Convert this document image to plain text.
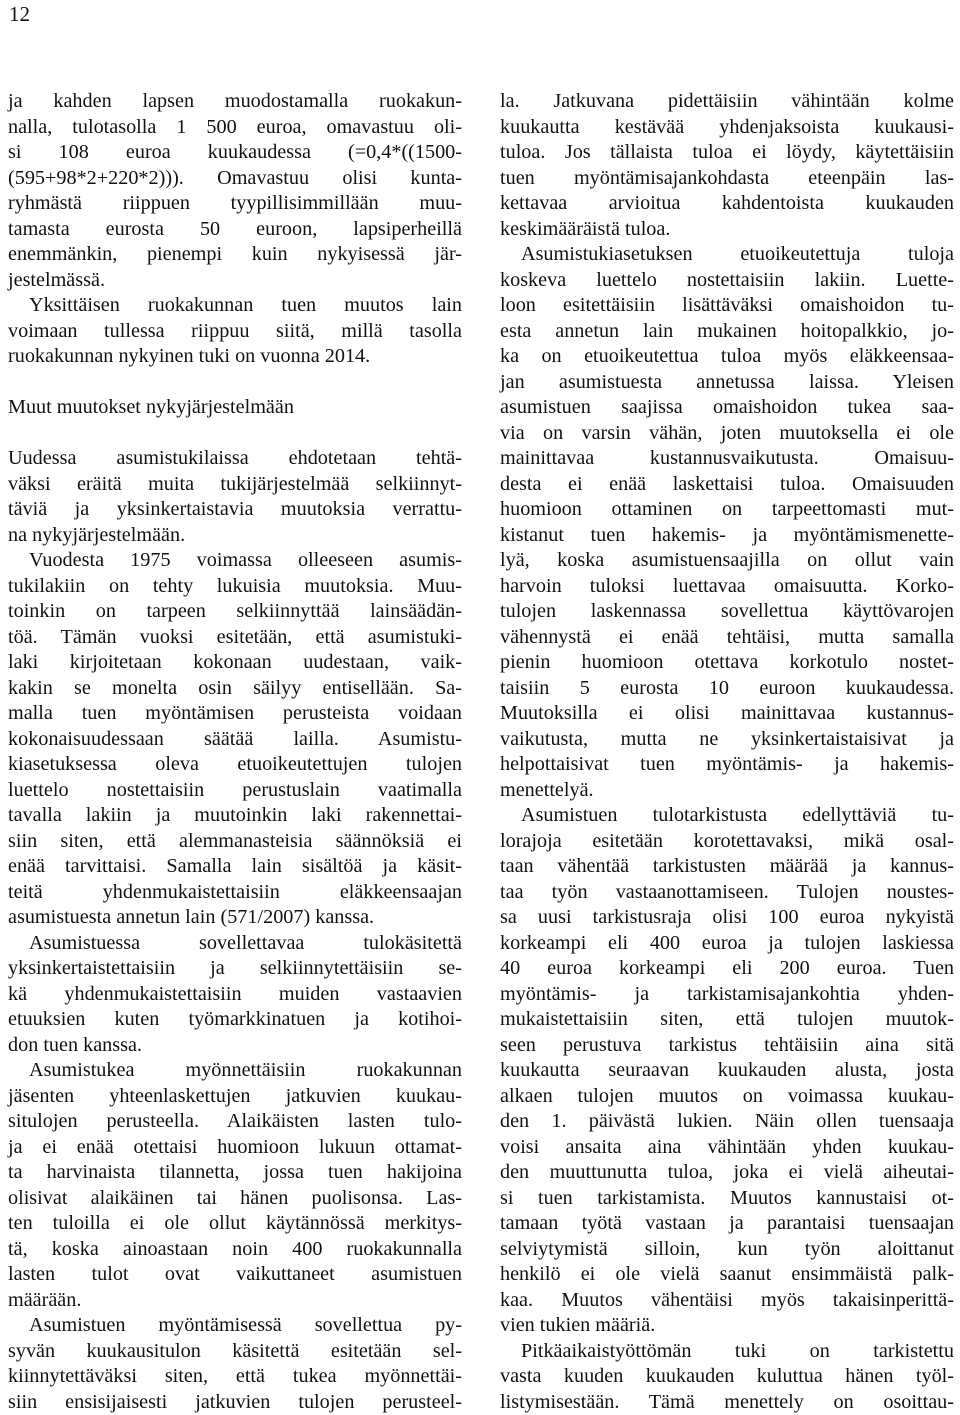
12
ja kahden lapsen muodostamalla ruokakun-
nalla, tulotasolla 1 500 euroa, omavastuu oli-
si 108 euroa kuukaudessa (=0,4*((1500-
(595+98*2+220*2))). Omavastuu olisi kunta-
ryhmästä riippuen tyypillisimmillään muu-
tamasta eurosta 50 euroon, lapsiperheillä
enemmänkin, pienempi kuin nykyisessä jär-
jestelmässä.
Yksittäisen ruokakunnan tuen muutos lain
voimaan tullessa riippuu siitä, millä tasolla
ruokakunnan nykyinen tuki on vuonna 2014.
Muut muutokset nykyjärjestelmään
Uudessa asumistukilaissa ehdotetaan tehtä-
väksi eräitä muita tukijärjestelmää selkiinnyt-
täviä ja yksinkertaistavia muutoksia verrattu-
na nykyjärjestelmään.
Vuodesta 1975 voimassa olleeseen asumis-
tukilakiin on tehty lukuisia muutoksia. Muu-
toinkin on tarpeen selkiinnyttää lainsäädän-
töä. Tämän vuoksi esitetään, että asumistuki-
laki kirjoitetaan kokonaan uudestaan, vaik-
kakin se monelta osin säilyy entisellään. Sa-
malla tuen myöntämisen perusteista voidaan
kokonaisuudessaan säätää lailla. Asumistu-
kiasetuksessa oleva etuoikeutettujen tulojen
luettelo nostettaisiin perustuslain vaatimalla
tavalla lakiin ja muutoinkin laki rakennettai-
siin siten, että alemmanasteisia säännöksiä ei
enää tarvittaisi. Samalla lain sisältöä ja käsit-
teitä yhdenmukaistettaisiin eläkkeensaajan
asumistuesta annetun lain (571/2007) kanssa.
Asumistuessa sovellettavaa tulokäsitettä
yksinkertaistettaisiin ja selkiinnytettäisiin se-
kä yhdenmukaistettaisiin muiden vastaavien
etuuksien kuten työmarkkinatuen ja kotihoi-
don tuen kanssa.
Asumistukea myönnettäisiin ruokakunnan
jäsenten yhteenlaskettujen jatkuvien kuukau-
situlojen perusteella. Alaikäisten lasten tulo-
ja ei enää otettaisi huomioon lukuun ottamat-
ta harvinaista tilannetta, jossa tuen hakijoina
olisivat alaikäinen tai hänen puolisonsa. Las-
ten tuloilla ei ole ollut käytännössä merkitys-
tä, koska ainoastaan noin 400 ruokakunnalla
lasten tulot ovat vaikuttaneet asumistuen
määrään.
Asumistuen myöntämisessä sovellettua py-
syvän kuukausitulon käsitettä esitetään sel-
kiinnytettäväksi siten, että tukea myönnettäi-
siin ensisijaisesti jatkuvien tulojen perusteel-
la. Jatkuvana pidettäisiin vähintään kolme
kuukautta kestävää yhdenjaksoista kuukausi-
tuloa. Jos tällaista tuloa ei löydy, käytettäisiin
tuen myöntämisajankohdasta eteenpäin las-
kettavaa arvioitua kahdentoista kuukauden
keskimääräistä tuloa.
Asumistukiasetuksen etuoikeutettuja tuloja
koskeva luettelo nostettaisiin lakiin. Luette-
loon esitettäisiin lisättäväksi omaishoidon tu-
esta annetun lain mukainen hoitopalkkio, jo-
ka on etuoikeutettua tuloa myös eläkkeensaa-
jan asumistuesta annetussa laissa. Yleisen
asumistuen saajissa omaishoidon tukea saa-
via on varsin vähän, joten muutoksella ei ole
mainittavaa kustannusvaikutusta. Omaisuu-
desta ei enää laskettaisi tuloa. Omaisuuden
huomioon ottaminen on tarpeettomasti mut-
kistanut tuen hakemis- ja myöntämismenette-
lyä, koska asumistuensaajilla on ollut vain
harvoin tuloksi luettavaa omaisuutta. Korko-
tulojen laskennassa sovellettua käyttövarojen
vähennystä ei enää tehtäisi, mutta samalla
pienin huomioon otettava korkotulo nostet-
taisiin 5 eurosta 10 euroon kuukaudessa.
Muutoksilla ei olisi mainittavaa kustannus-
vaikutusta, mutta ne yksinkertaistaisivat ja
helpottaisivat tuen myöntämis- ja hakemis-
menettelyä.
Asumistuen tulotarkistusta edellyttäviä tu-
lorajoja esitetään korotettavaksi, mikä osal-
taan vähentää tarkistusten määrää ja kannus-
taa työn vastaanottamiseen. Tulojen noustes-
sa uusi tarkistusraja olisi 100 euroa nykyistä
korkeampi eli 400 euroa ja tulojen laskiessa
40 euroa korkeampi eli 200 euroa. Tuen
myöntämis- ja tarkistamisajankohtia yhden-
mukaistettaisiin siten, että tulojen muutok-
seen perustuva tarkistus tehtäisiin aina sitä
kuukautta seuraavan kuukauden alusta, josta
alkaen tulojen muutos on voimassa kuukau-
den 1. päivästä lukien. Näin ollen tuensaaja
voisi ansaita aina vähintään yhden kuukau-
den muuttunutta tuloa, joka ei vielä aiheutai-
si tuen tarkistamista. Muutos kannustaisi ot-
tamaan työtä vastaan ja parantaisi tuensaajan
selviytymistä silloin, kun työn aloittanut
henkilö ei ole vielä saanut ensimmäistä palk-
kaa. Muutos vähentäisi myös takaisinperittä-
vien tukien määriä.
Pitkäaikaistyöttömän tuki on tarkistettu
vasta kuuden kuukauden kuluttua hänen työl-
listymisestään. Tämä menettely on osoittau-
